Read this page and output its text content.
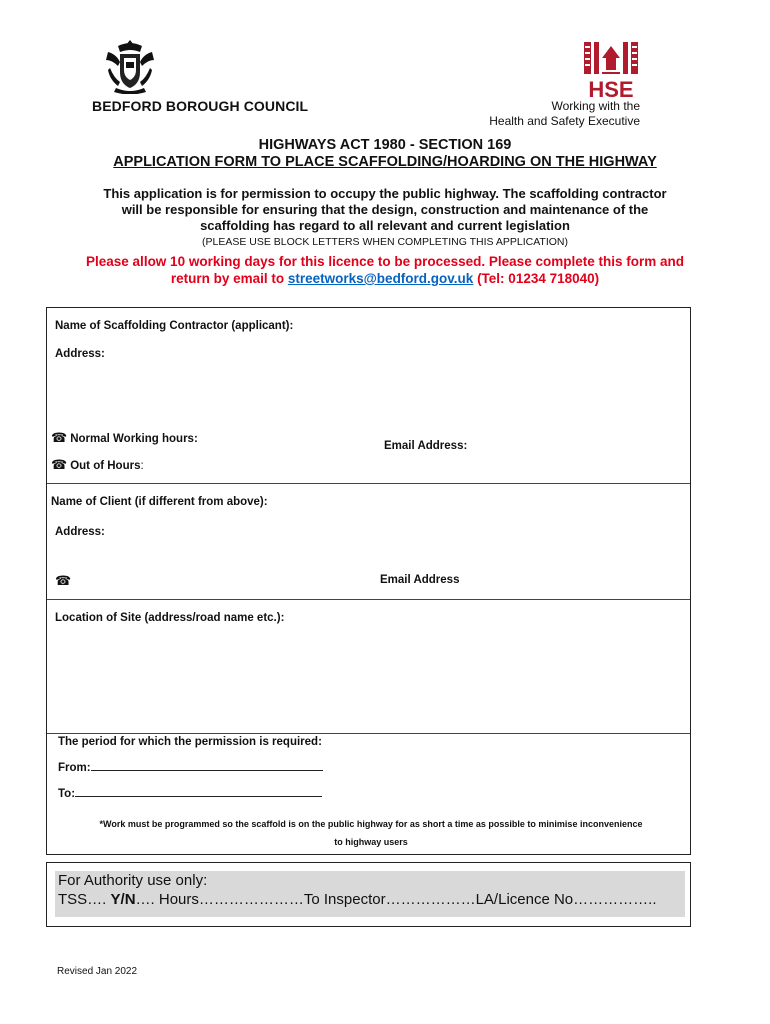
BEDFORD BOROUGH COUNCIL
HSE
Working with the
Health and Safety Executive
HIGHWAYS ACT 1980 - SECTION 169
APPLICATION FORM TO PLACE SCAFFOLDING/HOARDING ON THE HIGHWAY
This application is for permission to occupy the public highway. The scaffolding contractor
will be responsible for ensuring that the design, construction and maintenance of the
scaffolding has regard to all relevant and current legislation
(PLEASE USE BLOCK LETTERS WHEN COMPLETING THIS APPLICATION)
Please allow 10 working days for this licence to be processed. Please complete this form and
return by email to streetworks@bedford.gov.uk (Tel: 01234 718040)
Name of Scaffolding Contractor (applicant):
Address:
☎ Normal Working hours:
Email Address:
☎ Out of Hours:
Name of Client (if different from above):
Address:
☎	Email Address
Location of Site (address/road name etc.):
The period for which the permission is required:
From:
To:
*Work must be programmed so the scaffold is on the public highway for as short a time as possible to minimise inconvenience
to highway users
For Authority use only:
TSS…. Y/N…. Hours…………………To Inspector………………LA/Licence No……………..
Revised Jan 2022
